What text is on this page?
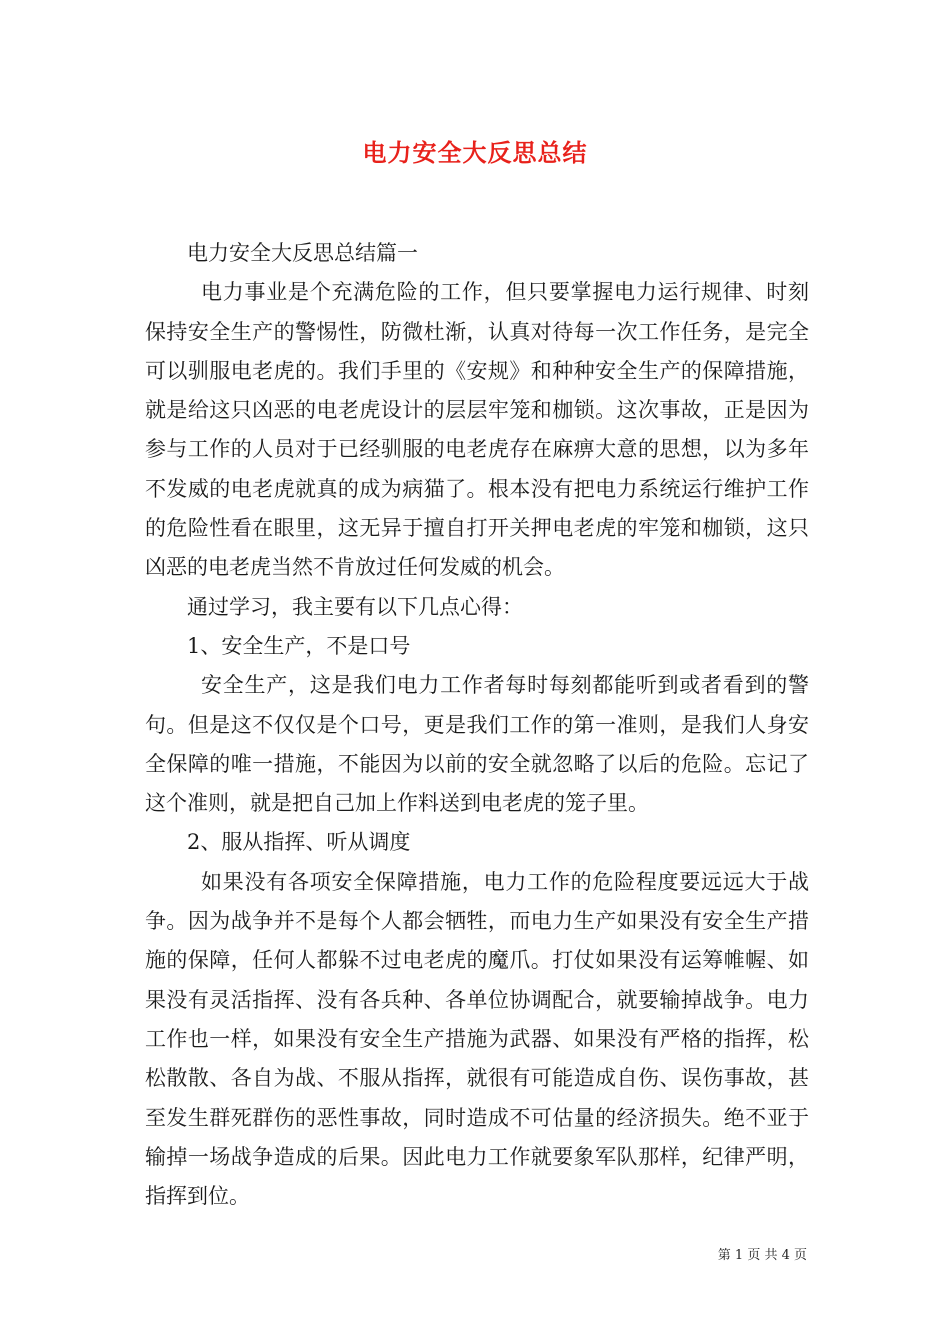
电力安全大反思总结

电力安全大反思总结篇一

电力事业是个充满危险的工作，但只要掌握电力运行规律、时刻保持安全生产的警惕性，防微杜渐，认真对待每一次工作任务，是完全可以驯服电老虎的。我们手里的《安规》和种种安全生产的保障措施，就是给这只凶恶的电老虎设计的层层牢笼和枷锁。这次事故，正是因为参与工作的人员对于已经驯服的电老虎存在麻痹大意的思想，以为多年不发威的电老虎就真的成为病猫了。根本没有把电力系统运行维护工作的危险性看在眼里，这无异于擅自打开关押电老虎的牢笼和枷锁，这只凶恶的电老虎当然不肯放过任何发威的机会。

通过学习，我主要有以下几点心得：

1、安全生产，不是口号

安全生产，这是我们电力工作者每时每刻都能听到或者看到的警句。但是这不仅仅是个口号，更是我们工作的第一准则，是我们人身安全保障的唯一措施，不能因为以前的安全就忽略了以后的危险。忘记了这个准则，就是把自己加上作料送到电老虎的笼子里。

2、服从指挥、听从调度

如果没有各项安全保障措施，电力工作的危险程度要远远大于战争。因为战争并不是每个人都会牺牲，而电力生产如果没有安全生产措施的保障，任何人都躲不过电老虎的魔爪。打仗如果没有运筹帷幄、如果没有灵活指挥、没有各兵种、各单位协调配合，就要输掉战争。电力工作也一样，如果没有安全生产措施为武器、如果没有严格的指挥，松松散散、各自为战、不服从指挥，就很有可能造成自伤、误伤事故，甚至发生群死群伤的恶性事故，同时造成不可估量的经济损失。绝不亚于输掉一场战争造成的后果。因此电力工作就要象军队那样，纪律严明，指挥到位。

第 1 页 共 4 页
